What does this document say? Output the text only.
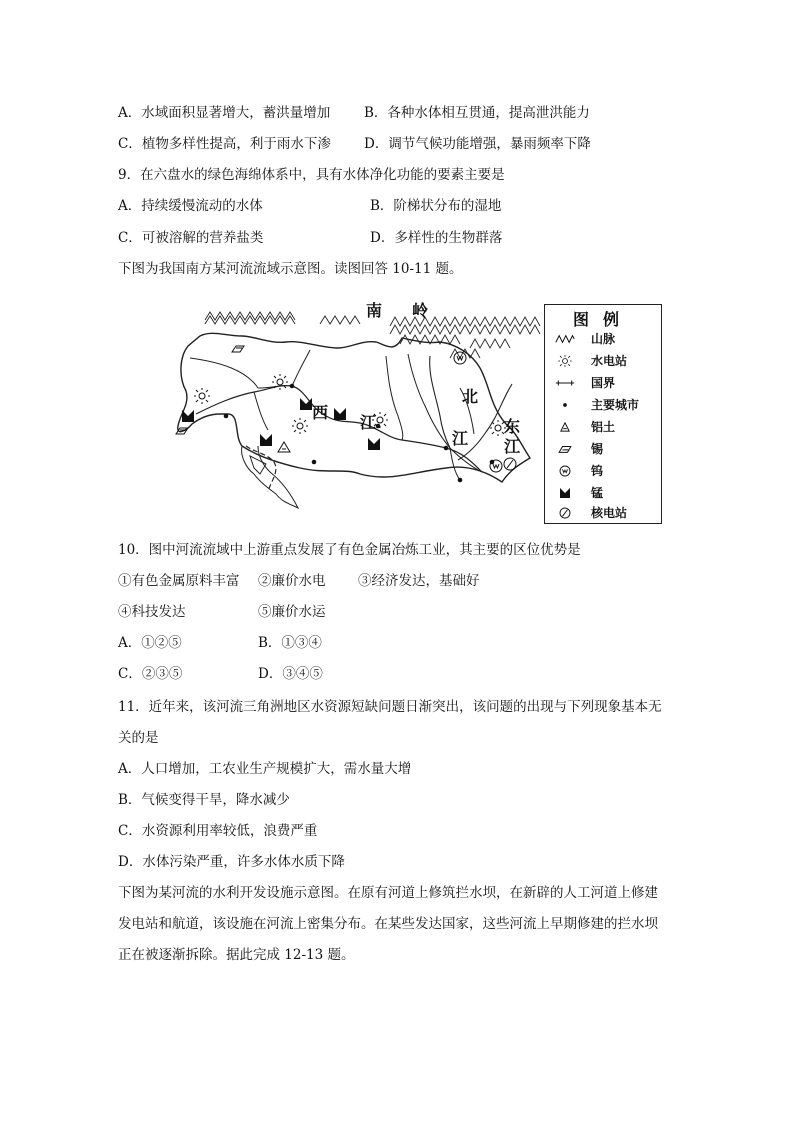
A．水域面积显著增大，蓄洪量增加	B．各种水体相互贯通，提高泄洪能力
C．植物多样性提高，利于雨水下渗 D．调节气候功能增强，暴雨频率下降
9．在六盘水的绿色海绵体系中，具有水体净化功能的要素主要是
A．持续缓慢流动的水体	B．阶梯状分布的湿地
C．可被溶解的营养盐类	D．多样性的生物群落
下图为我国南方某河流流域示意图。读图回答 10-11 题。
南 岭
西
江
北
江
东
江
图例
山脉
水电站
国界
主要城市
铝土
锡
钨
锰
核电站
10．图中河流流域中上游重点发展了有色金属冶炼工业，其主要的区位优势是
①有色金属原料丰富 ②廉价水电 ③经济发达，基础好
④科技发达	⑤廉价水运
A．①②⑤	B．①③④
C．②③⑤	D．③④⑤
11．近年来，该河流三角洲地区水资源短缺问题日渐突出，该问题的出现与下列现象基本无
关的是
A．人口增加，工农业生产规模扩大，需水量大增
B．气候变得干旱，降水减少
C．水资源利用率较低，浪费严重
D．水体污染严重，许多水体水质下降
下图为某河流的水利开发设施示意图。在原有河道上修筑拦水坝，在新辟的人工河道上修建
发电站和航道，该设施在河流上密集分布。在某些发达国家，这些河流上早期修建的拦水坝
正在被逐渐拆除。据此完成 12-13 题。
